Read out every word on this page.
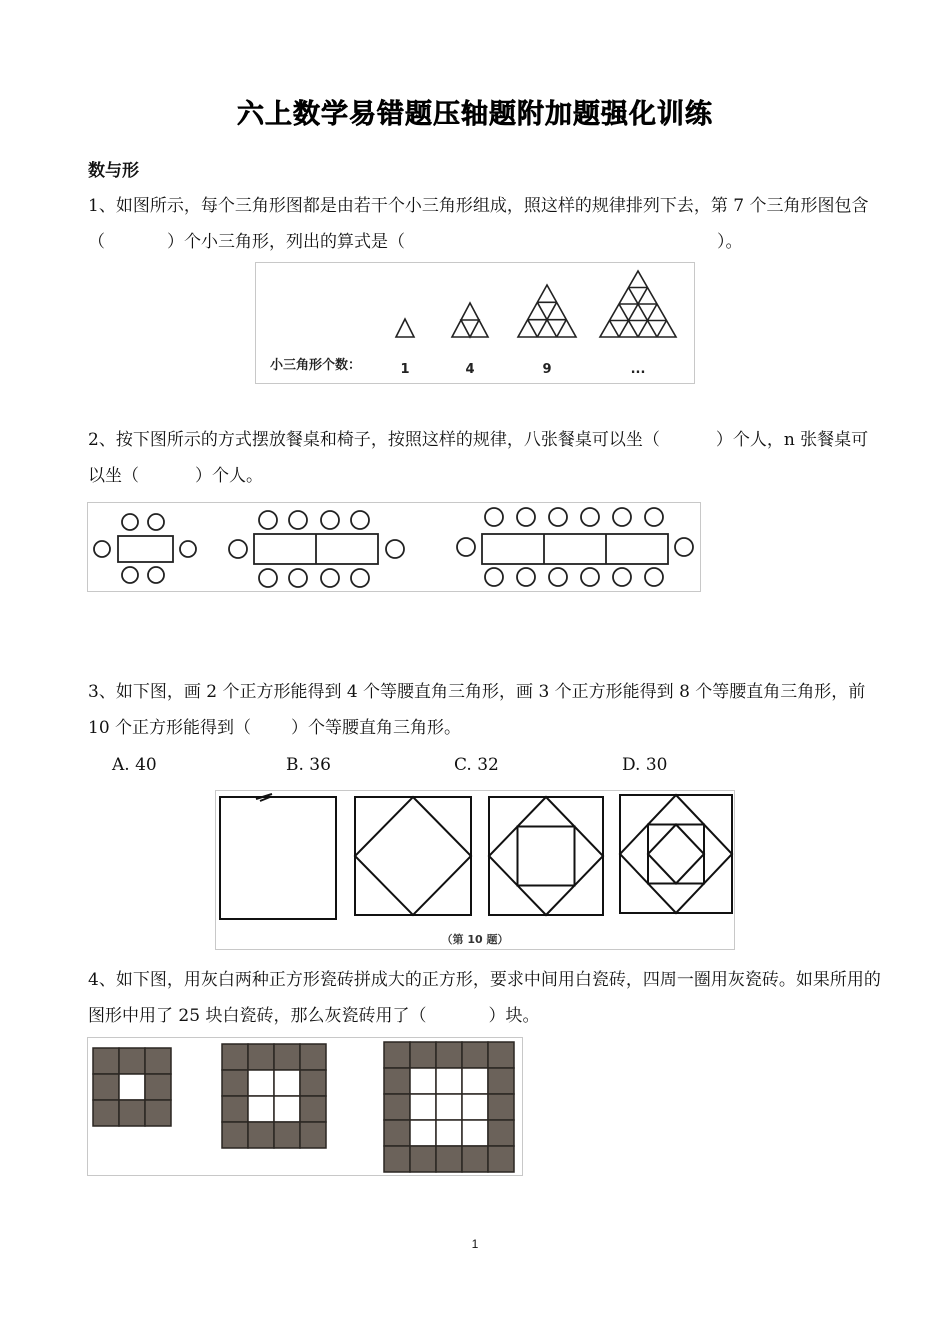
六上数学易错题压轴题附加题强化训练
数与形

1、如图所示，每个三角形图都是由若干个小三角形组成，照这样的规律排列下去，第 7 个三角形图包含（	）个小三角形，列出的算式是（	）。

小三角形个数：	1	4	9	...

2、按下图所示的方式摆放餐桌和椅子，按照这样的规律，八张餐桌可以坐（	）个人，n 张餐桌可以坐（	）个人。

3、如下图，画 2 个正方形能得到 4 个等腰直角三角形，画 3 个正方形能得到 8 个等腰直角三角形，前 10 个正方形能得到（ ）个等腰直角三角形。

A. 40	B. 36	C. 32	D. 30
（第 10 题）

4、如下图，用灰白两种正方形瓷砖拼成大的正方形，要求中间用白瓷砖，四周一圈用灰瓷砖。如果所用的图形中用了 25 块白瓷砖，那么灰瓷砖用了（	）块。

1
